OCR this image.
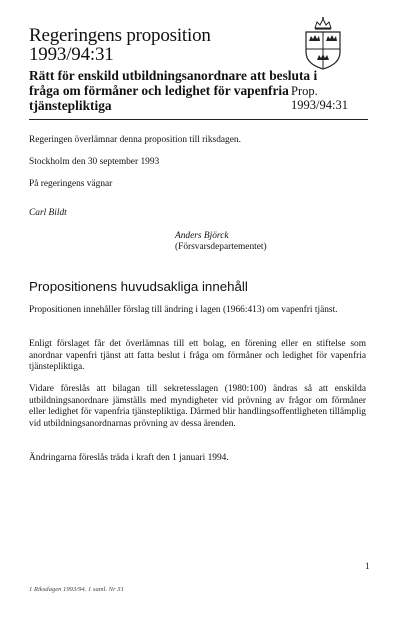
Regeringens proposition
1993/94:31
Rätt för enskild utbildningsanordnare att besluta i
fråga om förmåner och ledighet för vapenfria
tjänstepliktiga
Prop.
1993/94:31
Regeringen överlämnar denna proposition till riksdagen.
Stockholm den 30 september 1993
På regeringens vägnar
Carl Bildt
Anders Björck
(Försvarsdepartementet)
Propositionens huvudsakliga innehåll
Propositionen innehåller förslag till ändring i lagen (1966:413) om vapenfri tjänst.
Enligt förslaget får det överlämnas till ett bolag, en förening eller en stiftelse som anordnar vapenfri tjänst att fatta beslut i fråga om förmåner och ledighet för vapenfria tjänstepliktiga.
Vidare föreslås att bilagan till sekretesslagen (1980:100) ändras så att enskilda utbildningsanordnare jämställs med myndigheter vid prövning av frågor om förmåner eller ledighet för vapenfria tjänstepliktiga. Därmed blir handlingsoffentligheten tillämplig vid utbildningsanordnarnas prövning av dessa ärenden.
Ändringarna föreslås träda i kraft den 1 januari 1994.
1
1 Riksdagen 1993/94. 1 saml. Nr 31
